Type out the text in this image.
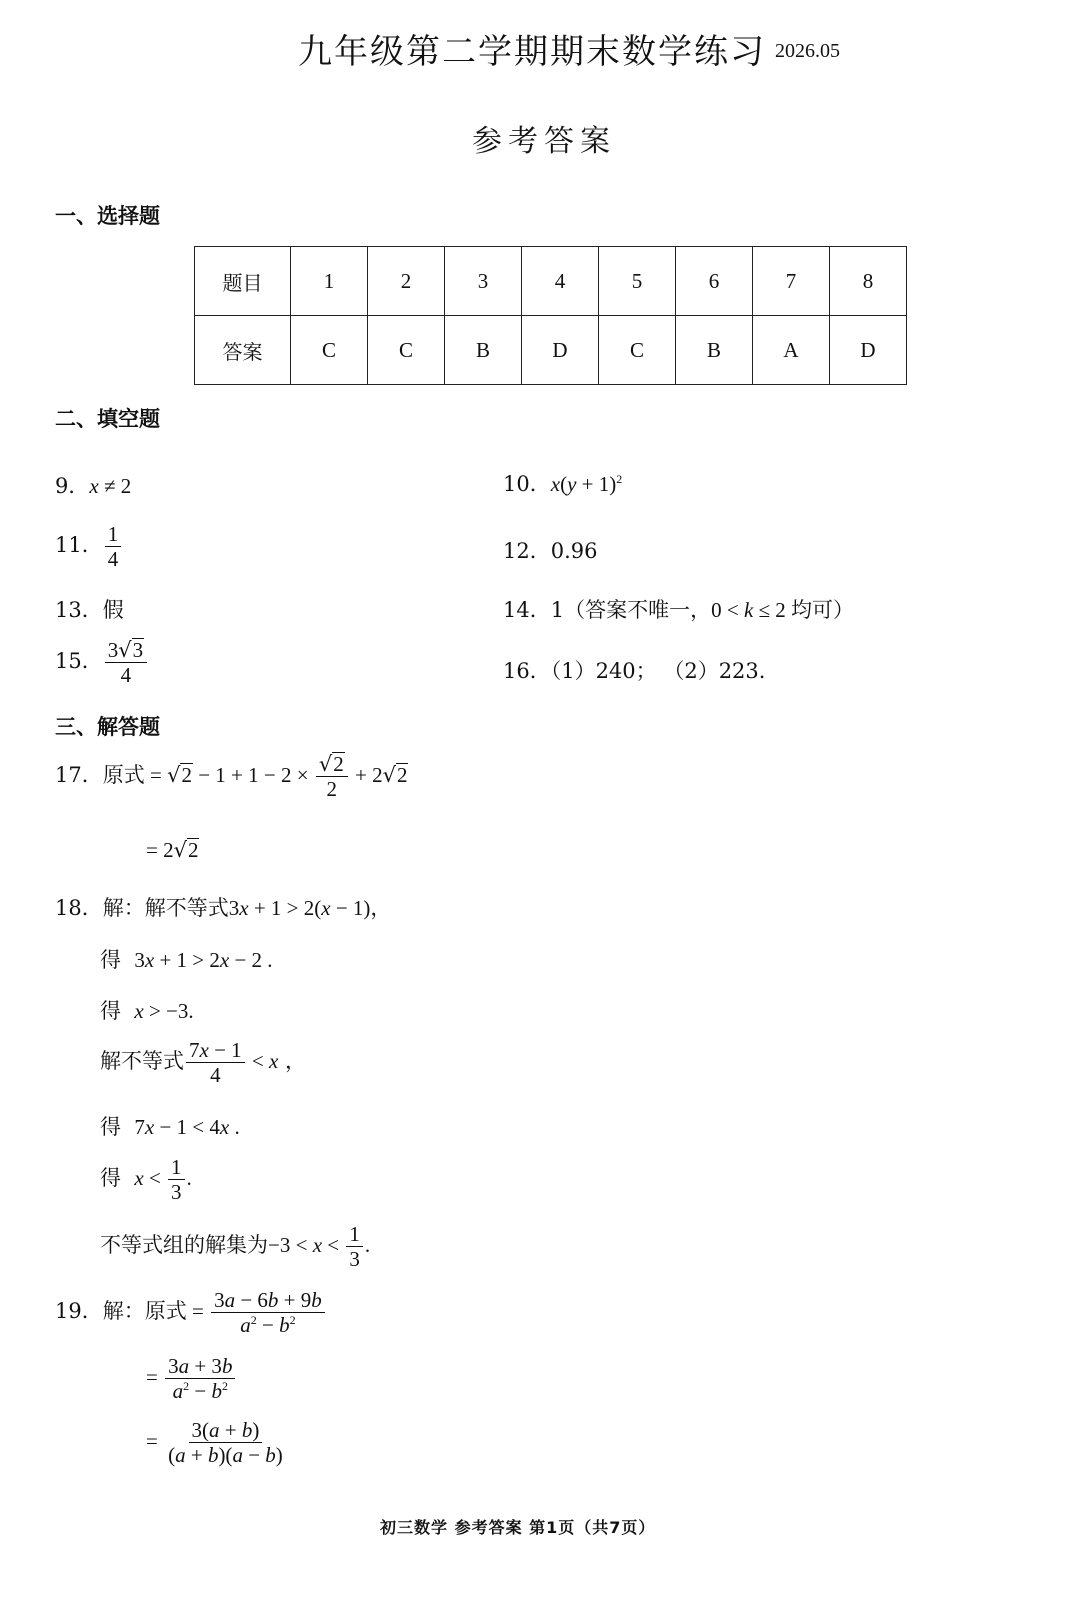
九年级第二学期期末数学练习 2026.05
参考答案
一、选择题
题目	1	2	3	4	5	6	7	8
答案	C	C	B	D	C	B	A	D
二、填空题
9．x ≠ 2	10．$x(y + 1)^2$
11． $\frac{1}{4}$	12．0.96
13．假	14．1（答案不唯一，0 < k ≤ 2 均可）
15． $\frac{3√3}{4}$	16．（1）240； （2）223.
三、解答题
17．原式 = $√2 - 1 + 1 - 2 \times \frac{√2}{2} + 2√2$
= 2√2
18．解：解不等式3x + 1 > 2(x − 1)，
得 3x + 1 > 2x − 2 .
得 x > −3.
解不等式 $\frac{7x - 1}{4} < x$ ，
得 7x − 1 < 4x .
得 $x < \frac{1}{3}$ .
不等式组的解集为$-3 < x < \frac{1}{3}$ .
19．解：原式 = $\frac{3a - 6b + 9b}{a^2 - b^2}$
= $\frac{3a + 3b}{a^2 - b^2}$
= $\frac{3(a + b)}{(a + b)(a - b)}$
初三数学 参考答案 第1页（共7页）
